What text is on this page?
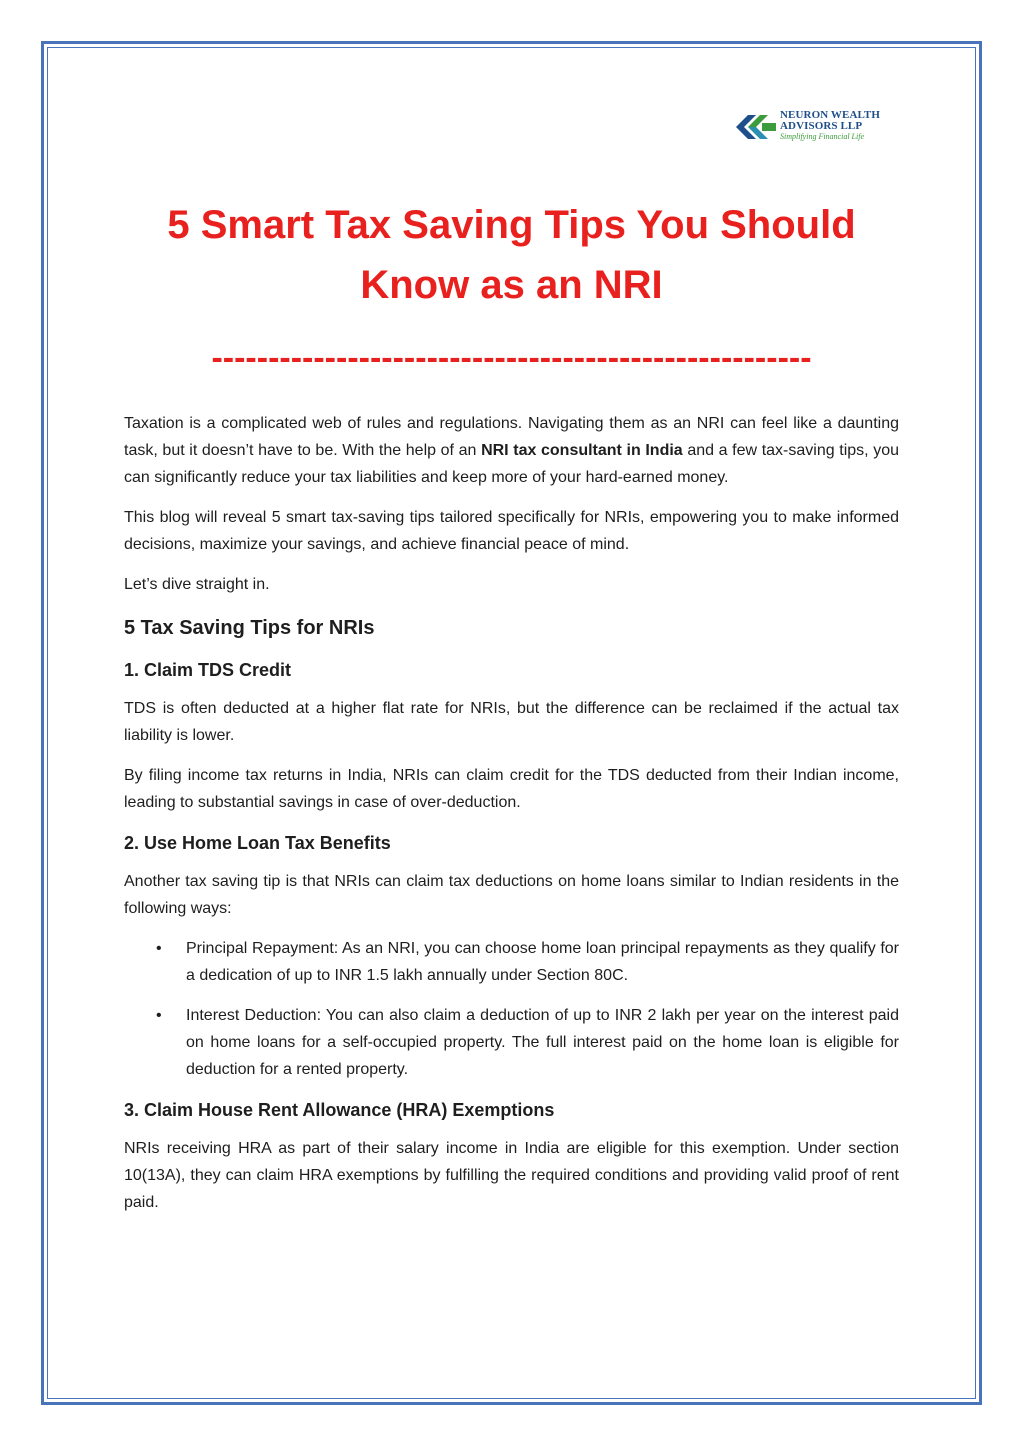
NEURON WEALTH
ADVISORS LLP
Simplifying Financial Life
5 Smart Tax Saving Tips You Should
Know as an NRI
-----------------------------------------------------

Taxation is a complicated web of rules and regulations. Navigating them as an NRI can feel like a daunting task, but it doesn’t have to be. With the help of an NRI tax consultant in India and a few tax-saving tips, you can significantly reduce your tax liabilities and keep more of your hard-earned money.

This blog will reveal 5 smart tax-saving tips tailored specifically for NRIs, empowering you to make informed decisions, maximize your savings, and achieve financial peace of mind.

Let’s dive straight in.

5 Tax Saving Tips for NRIs
1. Claim TDS Credit

TDS is often deducted at a higher flat rate for NRIs, but the difference can be reclaimed if the actual tax liability is lower.

By filing income tax returns in India, NRIs can claim credit for the TDS deducted from their Indian income, leading to substantial savings in case of over-deduction.

2. Use Home Loan Tax Benefits

Another tax saving tip is that NRIs can claim tax deductions on home loans similar to Indian residents in the following ways:

• Principal Repayment: As an NRI, you can choose home loan principal repayments as they qualify for a dedication of up to INR 1.5 lakh annually under Section 80C.
• Interest Deduction: You can also claim a deduction of up to INR 2 lakh per year on the interest paid on home loans for a self-occupied property. The full interest paid on the home loan is eligible for deduction for a rented property.
3. Claim House Rent Allowance (HRA) Exemptions

NRIs receiving HRA as part of their salary income in India are eligible for this exemption. Under section 10(13A), they can claim HRA exemptions by fulfilling the required conditions and providing valid proof of rent paid.
